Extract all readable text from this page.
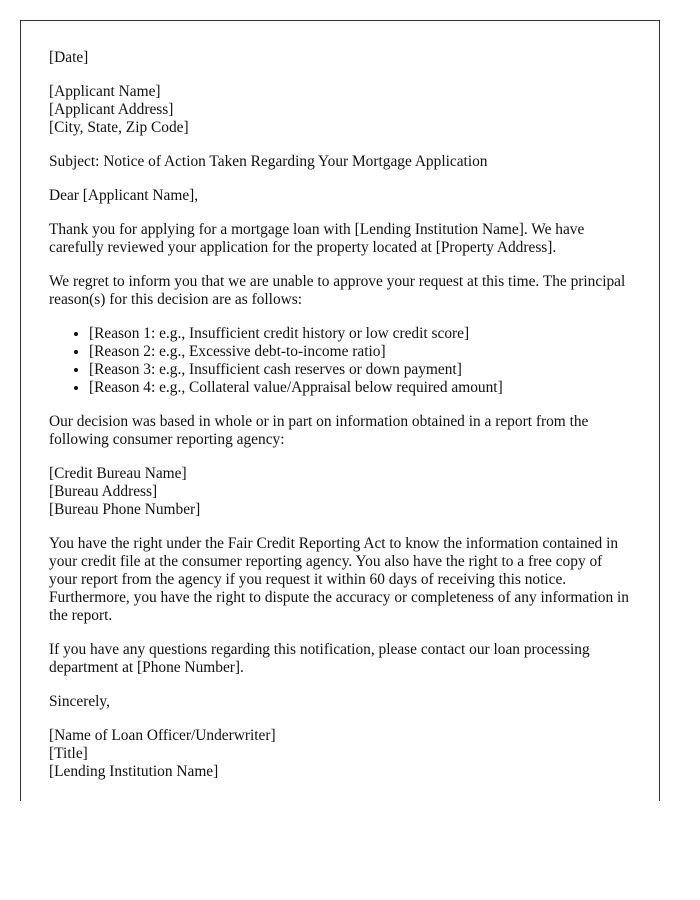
[Date]

[Applicant Name]
[Applicant Address]
[City, State, Zip Code]

Subject: Notice of Action Taken Regarding Your Mortgage Application

Dear [Applicant Name],

Thank you for applying for a mortgage loan with [Lending Institution Name]. We have carefully reviewed your application for the property located at [Property Address].

We regret to inform you that we are unable to approve your request at this time. The principal reason(s) for this decision are as follows:

• [Reason 1: e.g., Insufficient credit history or low credit score]
• [Reason 2: e.g., Excessive debt-to-income ratio]
• [Reason 3: e.g., Insufficient cash reserves or down payment]
• [Reason 4: e.g., Collateral value/Appraisal below required amount]

Our decision was based in whole or in part on information obtained in a report from the following consumer reporting agency:

[Credit Bureau Name]
[Bureau Address]
[Bureau Phone Number]

You have the right under the Fair Credit Reporting Act to know the information contained in your credit file at the consumer reporting agency. You also have the right to a free copy of your report from the agency if you request it within 60 days of receiving this notice. Furthermore, you have the right to dispute the accuracy or completeness of any information in the report.

If you have any questions regarding this notification, please contact our loan processing department at [Phone Number].

Sincerely,

[Name of Loan Officer/Underwriter]
[Title]
[Lending Institution Name]
